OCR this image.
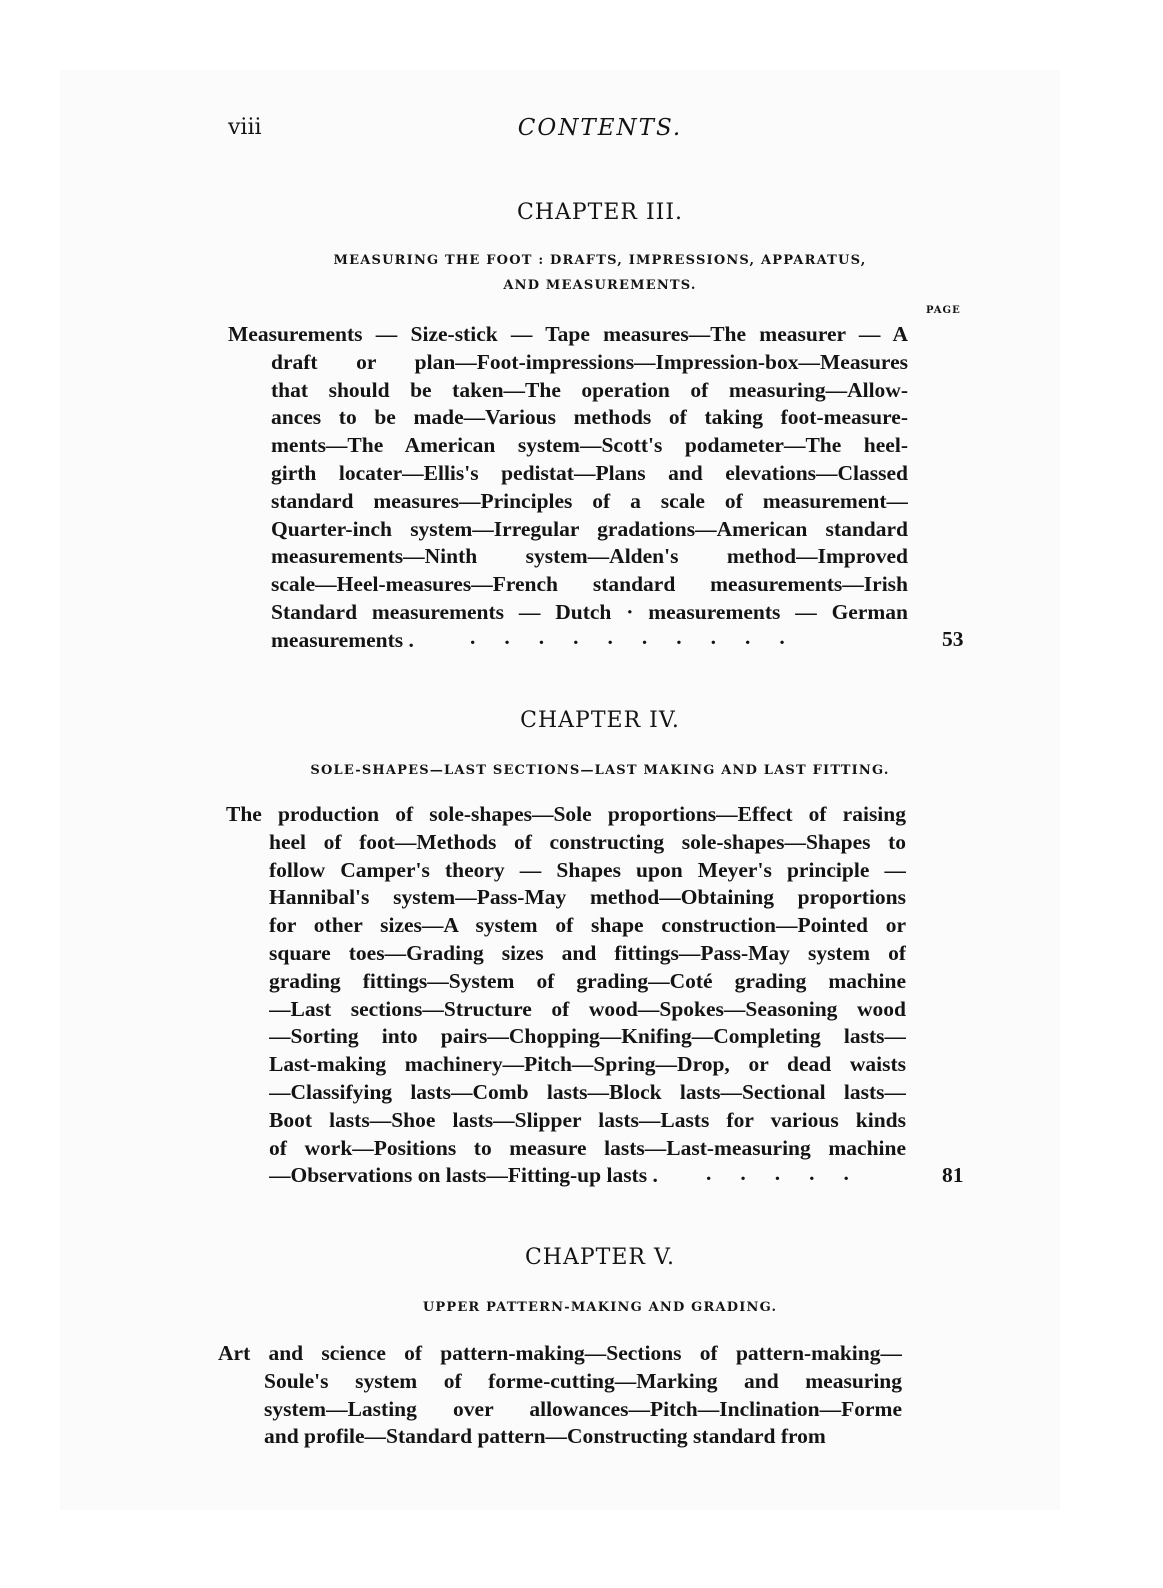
viii	CONTENTS.
CHAPTER III.
MEASURING THE FOOT : DRAFTS, IMPRESSIONS, APPARATUS,
AND MEASUREMENTS.
PAGE
Measurements — Size-stick — Tape measures—The measurer — A
draft or plan—Foot-impressions—Impression-box—Measures
that should be taken—The operation of measuring—Allow-
ances to be made—Various methods of taking foot-measure-
ments—The American system—Scott's podameter—The heel-
girth locater—Ellis's pedistat—Plans and elevations—Classed
standard measures—Principles of a scale of measurement—
Quarter-inch system—Irregular gradations—American standard
measurements—Ninth system—Alden's method—Improved
scale—Heel-measures—French standard measurements—Irish
Standard measurements — Dutch · measurements — German
measurements .	..........	53
CHAPTER IV.
SOLE-SHAPES—LAST SECTIONS—LAST MAKING AND LAST FITTING.
The production of sole-shapes—Sole proportions—Effect of raising
heel of foot—Methods of constructing sole-shapes—Shapes to
follow Camper's theory — Shapes upon Meyer's principle —
Hannibal's system—Pass-May method—Obtaining proportions
for other sizes—A system of shape construction—Pointed or
square toes—Grading sizes and fittings—Pass-May system of
grading fittings—System of grading—Coté grading machine
—Last sections—Structure of wood—Spokes—Seasoning wood
—Sorting into pairs—Chopping—Knifing—Completing lasts—
Last-making machinery—Pitch—Spring—Drop, or dead waists
—Classifying lasts—Comb lasts—Block lasts—Sectional lasts—
Boot lasts—Shoe lasts—Slipper lasts—Lasts for various kinds
of work—Positions to measure lasts—Last-measuring machine
—Observations on lasts—Fitting-up lasts .	.....	81
CHAPTER V.
UPPER PATTERN-MAKING AND GRADING.
Art and science of pattern-making—Sections of pattern-making—
Soule's system of forme-cutting—Marking and measuring
system—Lasting over allowances—Pitch—Inclination—Forme
and profile—Standard pattern—Constructing standard from
